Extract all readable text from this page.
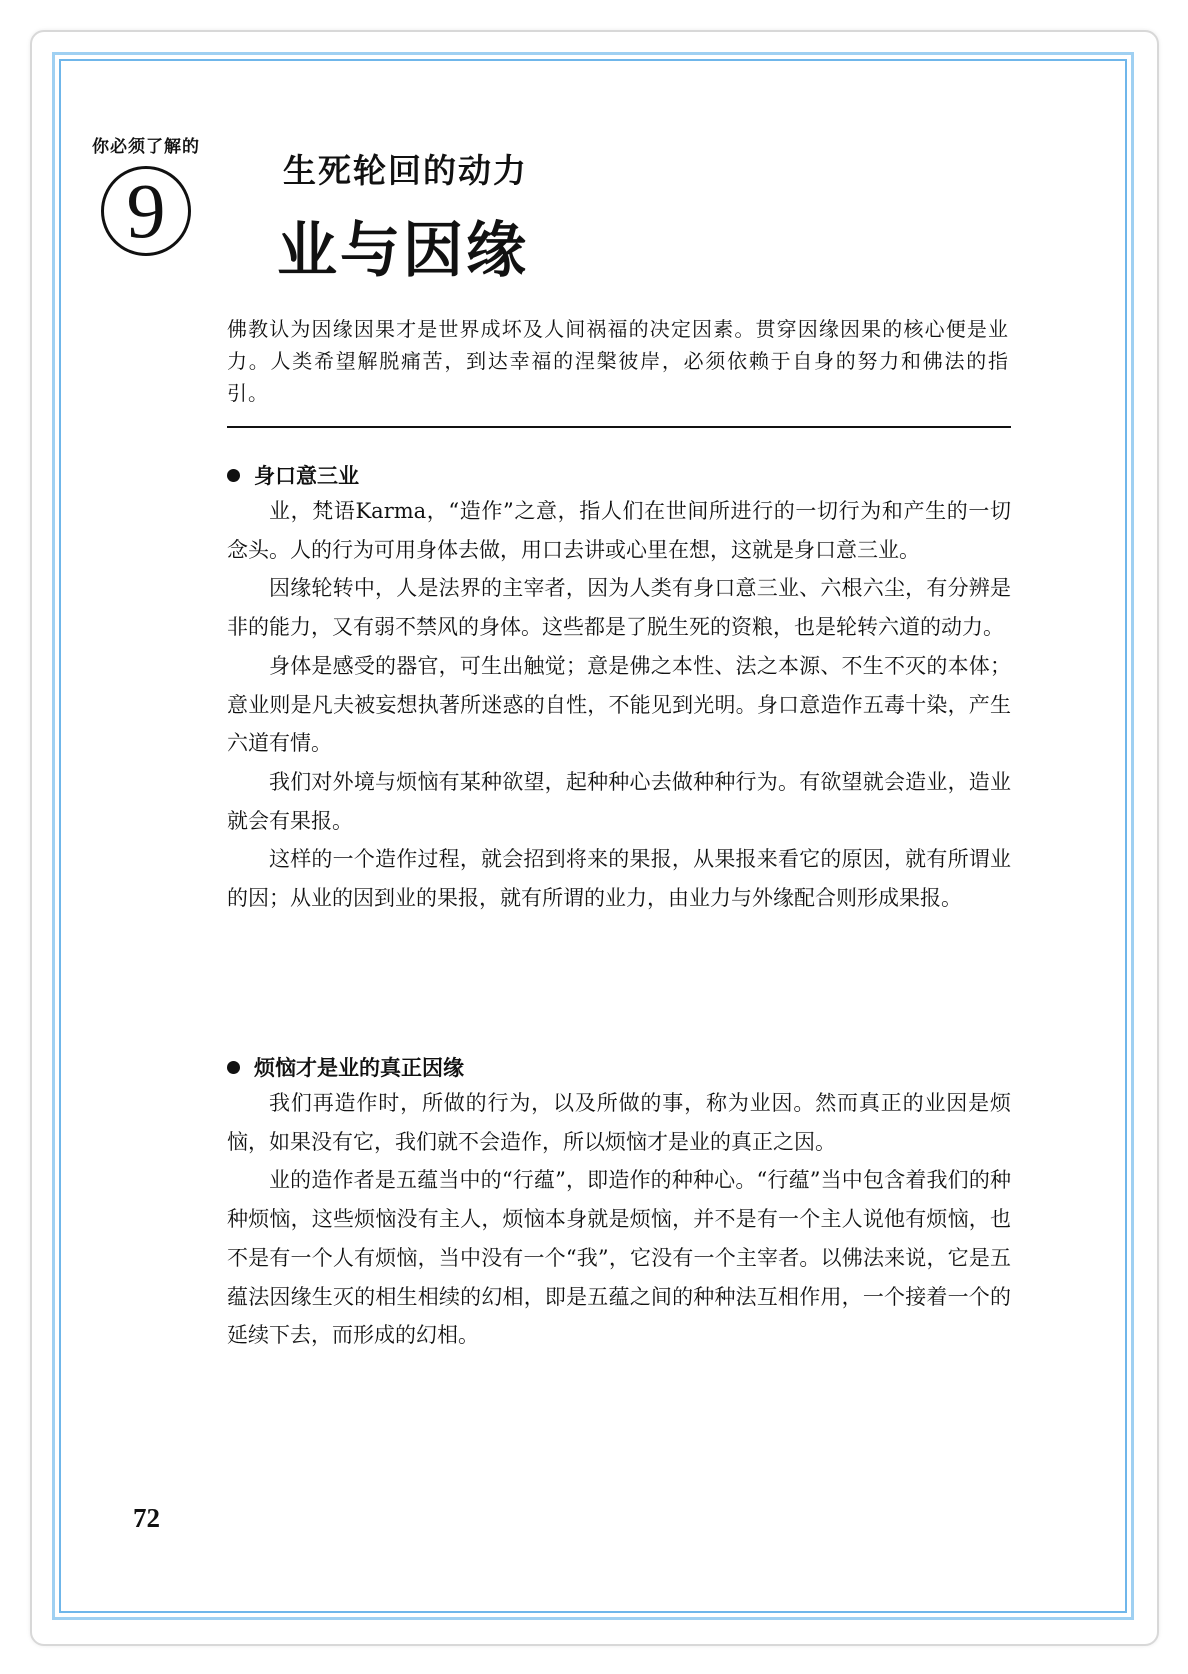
你必须了解的
9	生死轮回的动力
业与因缘
佛教认为因缘因果才是世界成坏及人间祸福的决定因素。贯穿因缘因果的核心便是业力。人类希望解脱痛苦，到达幸福的涅槃彼岸，必须依赖于自身的努力和佛法的指引。
身口意三业

业，梵语Karma，“造作”之意，指人们在世间所进行的一切行为和产生的一切念头。人的行为可用身体去做，用口去讲或心里在想，这就是身口意三业。

因缘轮转中，人是法界的主宰者，因为人类有身口意三业、六根六尘，有分辨是非的能力，又有弱不禁风的身体。这些都是了脱生死的资粮，也是轮转六道的动力。

身体是感受的器官，可生出触觉；意是佛之本性、法之本源、不生不灭的本体；意业则是凡夫被妄想执著所迷惑的自性，不能见到光明。身口意造作五毒十染，产生六道有情。

我们对外境与烦恼有某种欲望，起种种心去做种种行为。有欲望就会造业，造业就会有果报。

这样的一个造作过程，就会招到将来的果报，从果报来看它的原因，就有所谓业的因；从业的因到业的果报，就有所谓的业力，由业力与外缘配合则形成果报。

烦恼才是业的真正因缘

我们再造作时，所做的行为，以及所做的事，称为业因。然而真正的业因是烦恼，如果没有它，我们就不会造作，所以烦恼才是业的真正之因。

业的造作者是五蕴当中的“行蕴”，即造作的种种心。“行蕴”当中包含着我们的种种烦恼，这些烦恼没有主人，烦恼本身就是烦恼，并不是有一个主人说他有烦恼，也不是有一个人有烦恼，当中没有一个“我”，它没有一个主宰者。以佛法来说，它是五蕴法因缘生灭的相生相续的幻相，即是五蕴之间的种种法互相作用，一个接着一个的延续下去，而形成的幻相。

72
